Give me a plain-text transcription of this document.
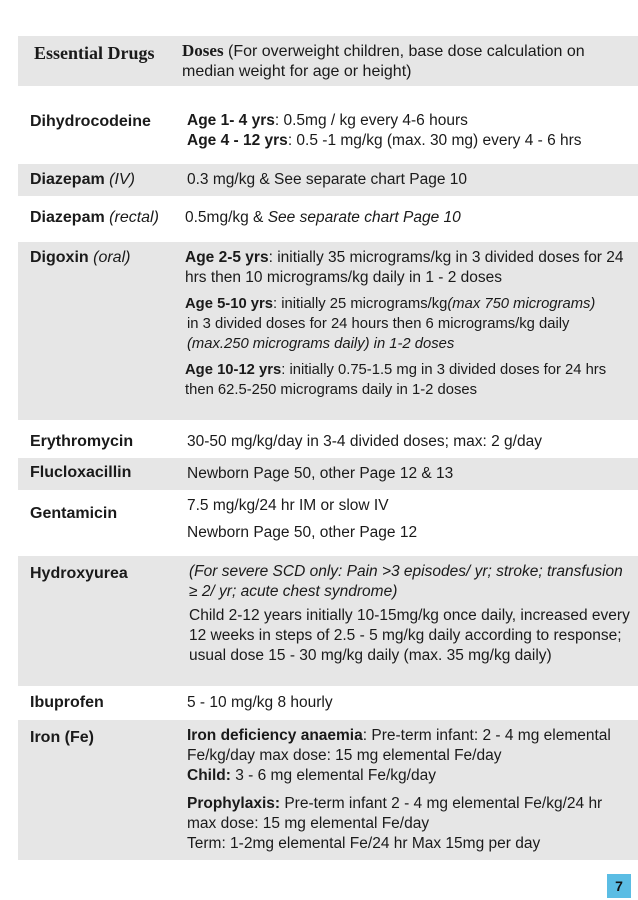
Essential Drugs Doses (For overweight children, base dose calculation on median weight for age or height)
Dihydrocodeine Age 1- 4 yrs: 0.5mg / kg every 4-6 hours

Age 4 - 12 yrs: 0.5 -1 mg/kg (max. 30 mg) every 4 - 6 hrs

Diazepam (IV)	0.3 mg/kg & See separate chart Page 10
Diazepam (rectal) 0.5mg/kg & See separate chart Page 10
Digoxin (oral)	Age 2-5 yrs: initially 35 micrograms/kg in 3 divided doses for 24 hrs then 10 micrograms/kg daily in 1 - 2 doses

Age 5-10 yrs: initially 25 micrograms/kg(max 750 micrograms)

in 3 divided doses for 24 hours then 6 micrograms/kg daily

(max.250 micrograms daily) in 1-2 doses

Age 10-12 yrs: initially 0.75-1.5 mg in 3 divided doses for 24 hrs then 62.5-250 micrograms daily in 1-2 doses

Erythromycin	30-50 mg/kg/day in 3-4 divided doses; max: 2 g/day
Flucloxacillin	Newborn Page 50, other Page 12 & 13
Gentamicin	7.5 mg/kg/24 hr IM or slow IV

Newborn Page 50, other Page 12

Hydroxyurea	(For severe SCD only: Pain >3 episodes/ yr; stroke; transfusion ≥ 2/ yr; acute chest syndrome)

Child 2-12 years initially 10-15mg/kg once daily, increased every 12 weeks in steps of 2.5 - 5 mg/kg daily according to response; usual dose 15 - 30 mg/kg daily (max. 35 mg/kg daily)

Ibuprofen	5 - 10 mg/kg 8 hourly
Iron (Fe)	Iron deficiency anaemia: Pre-term infant: 2 - 4 mg elemental Fe/kg/day max dose: 15 mg elemental Fe/day

Child: 3 - 6 mg elemental Fe/kg/day

Prophylaxis: Pre-term infant 2 - 4 mg elemental Fe/kg/24 hr max dose: 15 mg elemental Fe/day

Term: 1-2mg elemental Fe/24 hr Max 15mg per day

7
